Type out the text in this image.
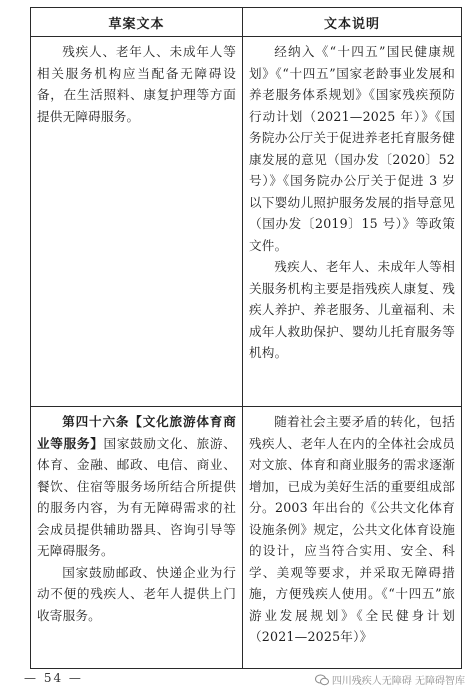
草案文本	文本说明

残疾人、老年人、未成年人等相关服务机构应当配备无障碍设备，在生活照料、康复护理等方面提供无障碍服务。	经纳入《“十四五”国民健康规划》《“十四五”国家老龄事业发展和养老服务体系规划》《国家残疾预防行动计划（2021—2025 年）》《国务院办公厅关于促进养老托育服务健康发展的意见（国办发〔2020〕52 号）》《国务院办公厅关于促进 3 岁以下婴幼儿照护服务发展的指导意见（国办发〔2019〕15 号）》等政策文件。

残疾人、老年人、未成年人等相关服务机构主要是指残疾人康复、残疾人养护、养老服务、儿童福利、未成年人救助保护、婴幼儿托育服务等机构。

第四十六条【文化旅游体育商业等服务】国家鼓励文化、旅游、体育、金融、邮政、电信、商业、餐饮、住宿等服务场所结合所提供的服务内容，为有无障碍需求的社会成员提供辅助器具、咨询引导等无障碍服务。

国家鼓励邮政、快递企业为行动不便的残疾人、老年人提供上门收寄服务。	随着社会主要矛盾的转化，包括残疾人、老年人在内的全体社会成员对文旅、体育和商业服务的需求逐渐增加，已成为美好生活的重要组成部分。2003 年出台的《公共文化体育设施条例》规定，公共文化体育设施的设计，应当符合实用、安全、科学、美观等要求，并采取无障碍措施，方便残疾人使用。《“十四五”旅游业发展规划》《全民健身计划（2021—2025年）》

— 54 —	四川残疾人无障碍 无障碍智库
